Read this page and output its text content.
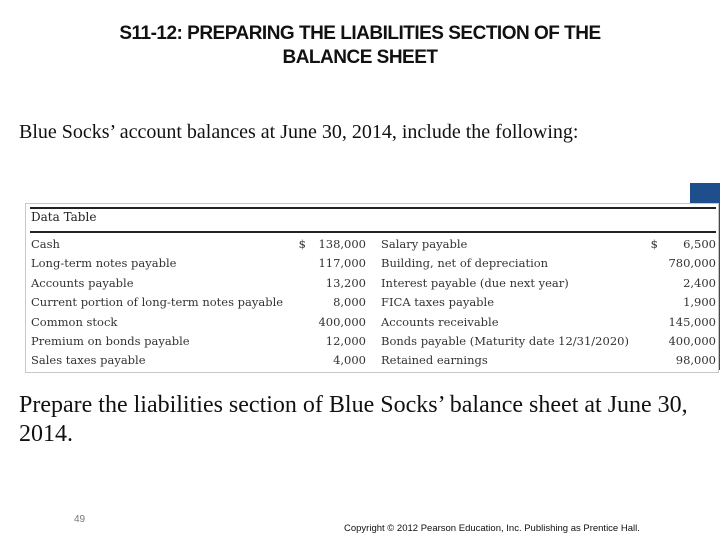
S11-12: PREPARING THE LIABILITIES SECTION OF THE
BALANCE SHEET
Blue Socks’ account balances at June 30, 2014, include the following:
Data Table
Cash	$	138,000 Salary payable	$	6,500
Long-term notes payable	117,000 Building, net of depreciation	780,000
Accounts payable	13,200 Interest payable (due next year)	2,400
Current portion of long-term notes payable	8,000 FICA taxes payable	1,900
Common stock	400,000 Accounts receivable	145,000
Premium on bonds payable	12,000 Bonds payable (Maturity date 12/31/2020)	400,000
Sales taxes payable	4,000 Retained earnings	98,000
Prepare the liabilities section of Blue Socks’ balance sheet at June 30, 2014.
49
Copyright © 2012 Pearson Education, Inc. Publishing as Prentice Hall.
